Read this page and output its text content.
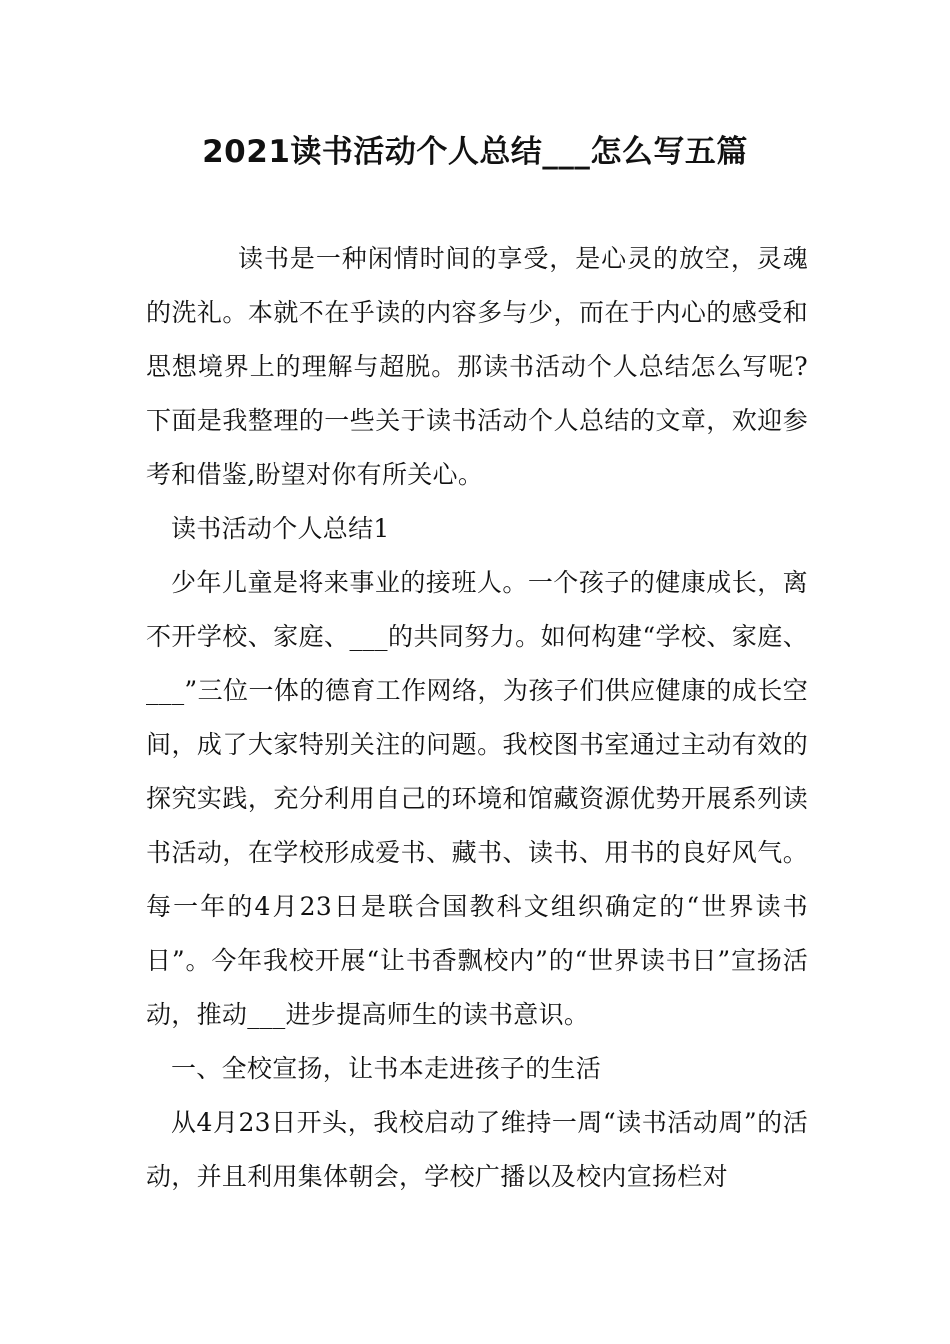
2021读书活动个人总结___怎么写五篇

读书是一种闲情时间的享受，是心灵的放空，灵魂的洗礼。本就不在乎读的内容多与少，而在于内心的感受和思想境界上的理解与超脱。那读书活动个人总结怎么写呢?下面是我整理的一些关于读书活动个人总结的文章，欢迎参考和借鉴,盼望对你有所关心。

读书活动个人总结1

少年儿童是将来事业的接班人。一个孩子的健康成长，离不开学校、家庭、___的共同努力。如何构建“学校、家庭、___”三位一体的德育工作网络，为孩子们供应健康的成长空间，成了大家特别关注的问题。我校图书室通过主动有效的探究实践，充分利用自己的环境和馆藏资源优势开展系列读书活动，在学校形成爱书、藏书、读书、用书的良好风气。每一年的4月23日是联合国教科文组织确定的“世界读书日”。今年我校开展“让书香飘校内”的“世界读书日”宣扬活动，推动___进步提高师生的读书意识。

一、全校宣扬，让书本走进孩子的生活

从4月23日开头，我校启动了维持一周“读书活动周”的活动，并且利用集体朝会，学校广播以及校内宣扬栏对
